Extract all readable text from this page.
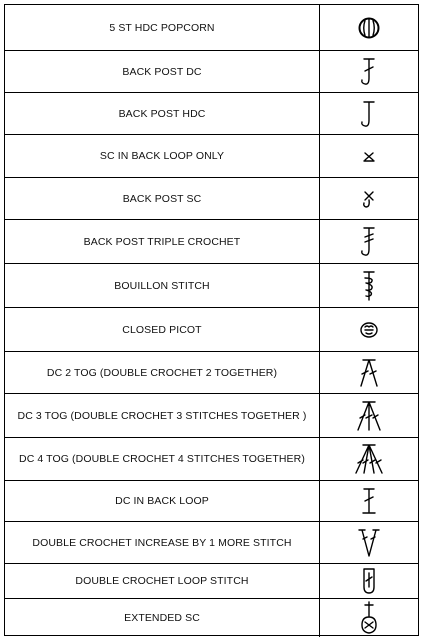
5 ST HDC POPCORN
BACK POST DC
BACK POST HDC
SC IN BACK LOOP ONLY
BACK POST SC
BACK POST TRIPLE CROCHET
BOUILLON STITCH
CLOSED PICOT
DC 2 TOG (DOUBLE CROCHET 2 TOGETHER)
DC 3 TOG (DOUBLE CROCHET 3 STITCHES TOGETHER )
DC 4 TOG (DOUBLE CROCHET 4 STITCHES TOGETHER)
DC IN BACK LOOP
DOUBLE CROCHET INCREASE BY 1 MORE STITCH
DOUBLE CROCHET LOOP STITCH
EXTENDED SC
